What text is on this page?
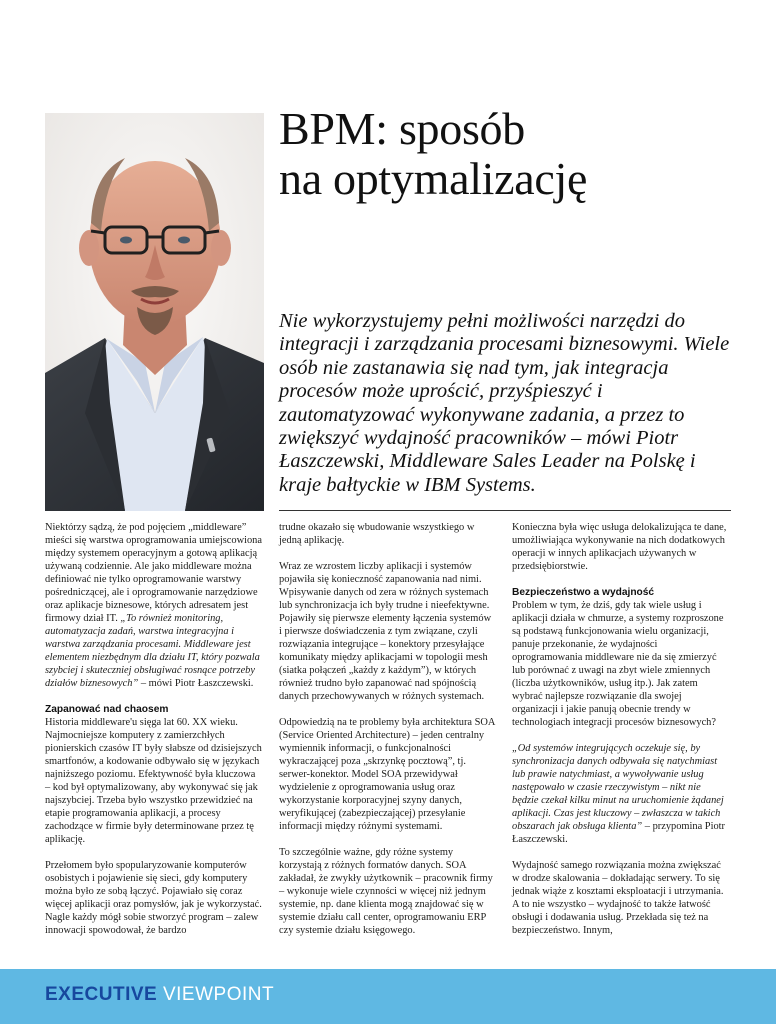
BPM: sposób
na optymalizację

Nie wykorzystujemy pełni możliwości narzędzi do integracji i zarządzania procesami biznesowymi. Wiele osób nie zastanawia się nad tym, jak integracja procesów może uprościć, przyśpieszyć i zautomatyzować wykonywane zadania, a przez to zwiększyć wydajność pracowników – mówi Piotr Łaszczewski, Middleware Sales Leader na Polskę i kraje bałtyckie w IBM Systems.

Niektórzy sądzą, że pod pojęciem „middleware” mieści się warstwa oprogramowania umiejscowiona między systemem operacyjnym a gotową aplikacją używaną codziennie. Ale jako middleware można definiować nie tylko oprogramowanie warstwy pośredniczącej, ale i oprogramowanie narzędziowe oraz aplikacje biznesowe, których adresatem jest firmowy dział IT. „To również monitoring, automatyzacja zadań, warstwa integracyjna i warstwa zarządzania procesami. Middleware jest elementem niezbędnym dla działu IT, który pozwala szybciej i skuteczniej obsługiwać rosnące potrzeby działów biznesowych” – mówi Piotr Łaszczewski.

Zapanować nad chaosem

Historia middleware'u sięga lat 60. XX wieku. Najmocniejsze komputery z zamierzchłych pionierskich czasów IT były słabsze od dzisiejszych smartfonów, a kodowanie odbywało się w językach najniższego poziomu. Efektywność była kluczowa – kod był optymalizowany, aby wykonywać się jak najszybciej. Trzeba było wszystko przewidzieć na etapie programowania aplikacji, a procesy zachodzące w firmie były determinowane przez tę aplikację.

Przełomem było spopularyzowanie komputerów osobistych i pojawienie się sieci, gdy komputery można było ze sobą łączyć. Pojawiało się coraz więcej aplikacji oraz pomysłów, jak je wykorzystać. Nagle każdy mógł sobie stworzyć program – zalew innowacji spowodował, że bardzo

trudne okazało się wbudowanie wszystkiego w jedną aplikację.

Wraz ze wzrostem liczby aplikacji i systemów pojawiła się konieczność zapanowania nad nimi. Wpisywanie danych od zera w różnych systemach lub synchronizacja ich były trudne i nieefektywne. Pojawiły się pierwsze elementy łączenia systemów i pierwsze doświadczenia z tym związane, czyli rozwiązania integrujące – konektory przesyłające komunikaty między aplikacjami w topologii mesh (siatka połączeń „każdy z każdym”), w których również trudno było zapanować nad spójnością danych przechowywanych w różnych systemach.

Odpowiedzią na te problemy była architektura SOA (Service Oriented Architecture) – jeden centralny wymiennik informacji, o funkcjonalności wykraczającej poza „skrzynkę pocztową”, tj. serwer-konektor. Model SOA przewidywał wydzielenie z oprogramowania usług oraz wykorzystanie korporacyjnej szyny danych, weryfikującej (zabezpieczającej) przesyłanie informacji między różnymi systemami.

To szczególnie ważne, gdy różne systemy korzystają z różnych formatów danych. SOA zakładał, że zwykły użytkownik – pracownik firmy – wykonuje wiele czynności w więcej niż jednym systemie, np. dane klienta mogą znajdować się w systemie działu call center, oprogramowaniu ERP czy systemie działu księgowego.

Konieczna była więc usługa delokalizująca te dane, umożliwiająca wykonywanie na nich dodatkowych operacji w innych aplikacjach używanych w przedsiębiorstwie.

Bezpieczeństwo a wydajność

Problem w tym, że dziś, gdy tak wiele usług i aplikacji działa w chmurze, a systemy rozproszone są podstawą funkcjonowania wielu organizacji, panuje przekonanie, że wydajności oprogramowania middleware nie da się zmierzyć lub porównać z uwagi na zbyt wiele zmiennych (liczba użytkowników, usług itp.). Jak zatem wybrać najlepsze rozwiązanie dla swojej organizacji i jakie panują obecnie trendy w technologiach integracji procesów biznesowych?

„Od systemów integrujących oczekuje się, by synchronizacja danych odbywała się natychmiast lub prawie natychmiast, a wywoływanie usług następowało w czasie rzeczywistym – nikt nie będzie czekał kilku minut na uruchomienie żądanej aplikacji. Czas jest kluczowy – zwłaszcza w takich obszarach jak obsługa klienta” – przypomina Piotr Łaszczewski.

Wydajność samego rozwiązania można zwiększać w drodze skalowania – dokładając serwery. To się jednak wiąże z kosztami eksploatacji i utrzymania. A to nie wszystko – wydajność to także łatwość obsługi i dodawania usług. Przekłada się też na bezpieczeństwo. Innym,

EXECUTIVE VIEWPOINT
